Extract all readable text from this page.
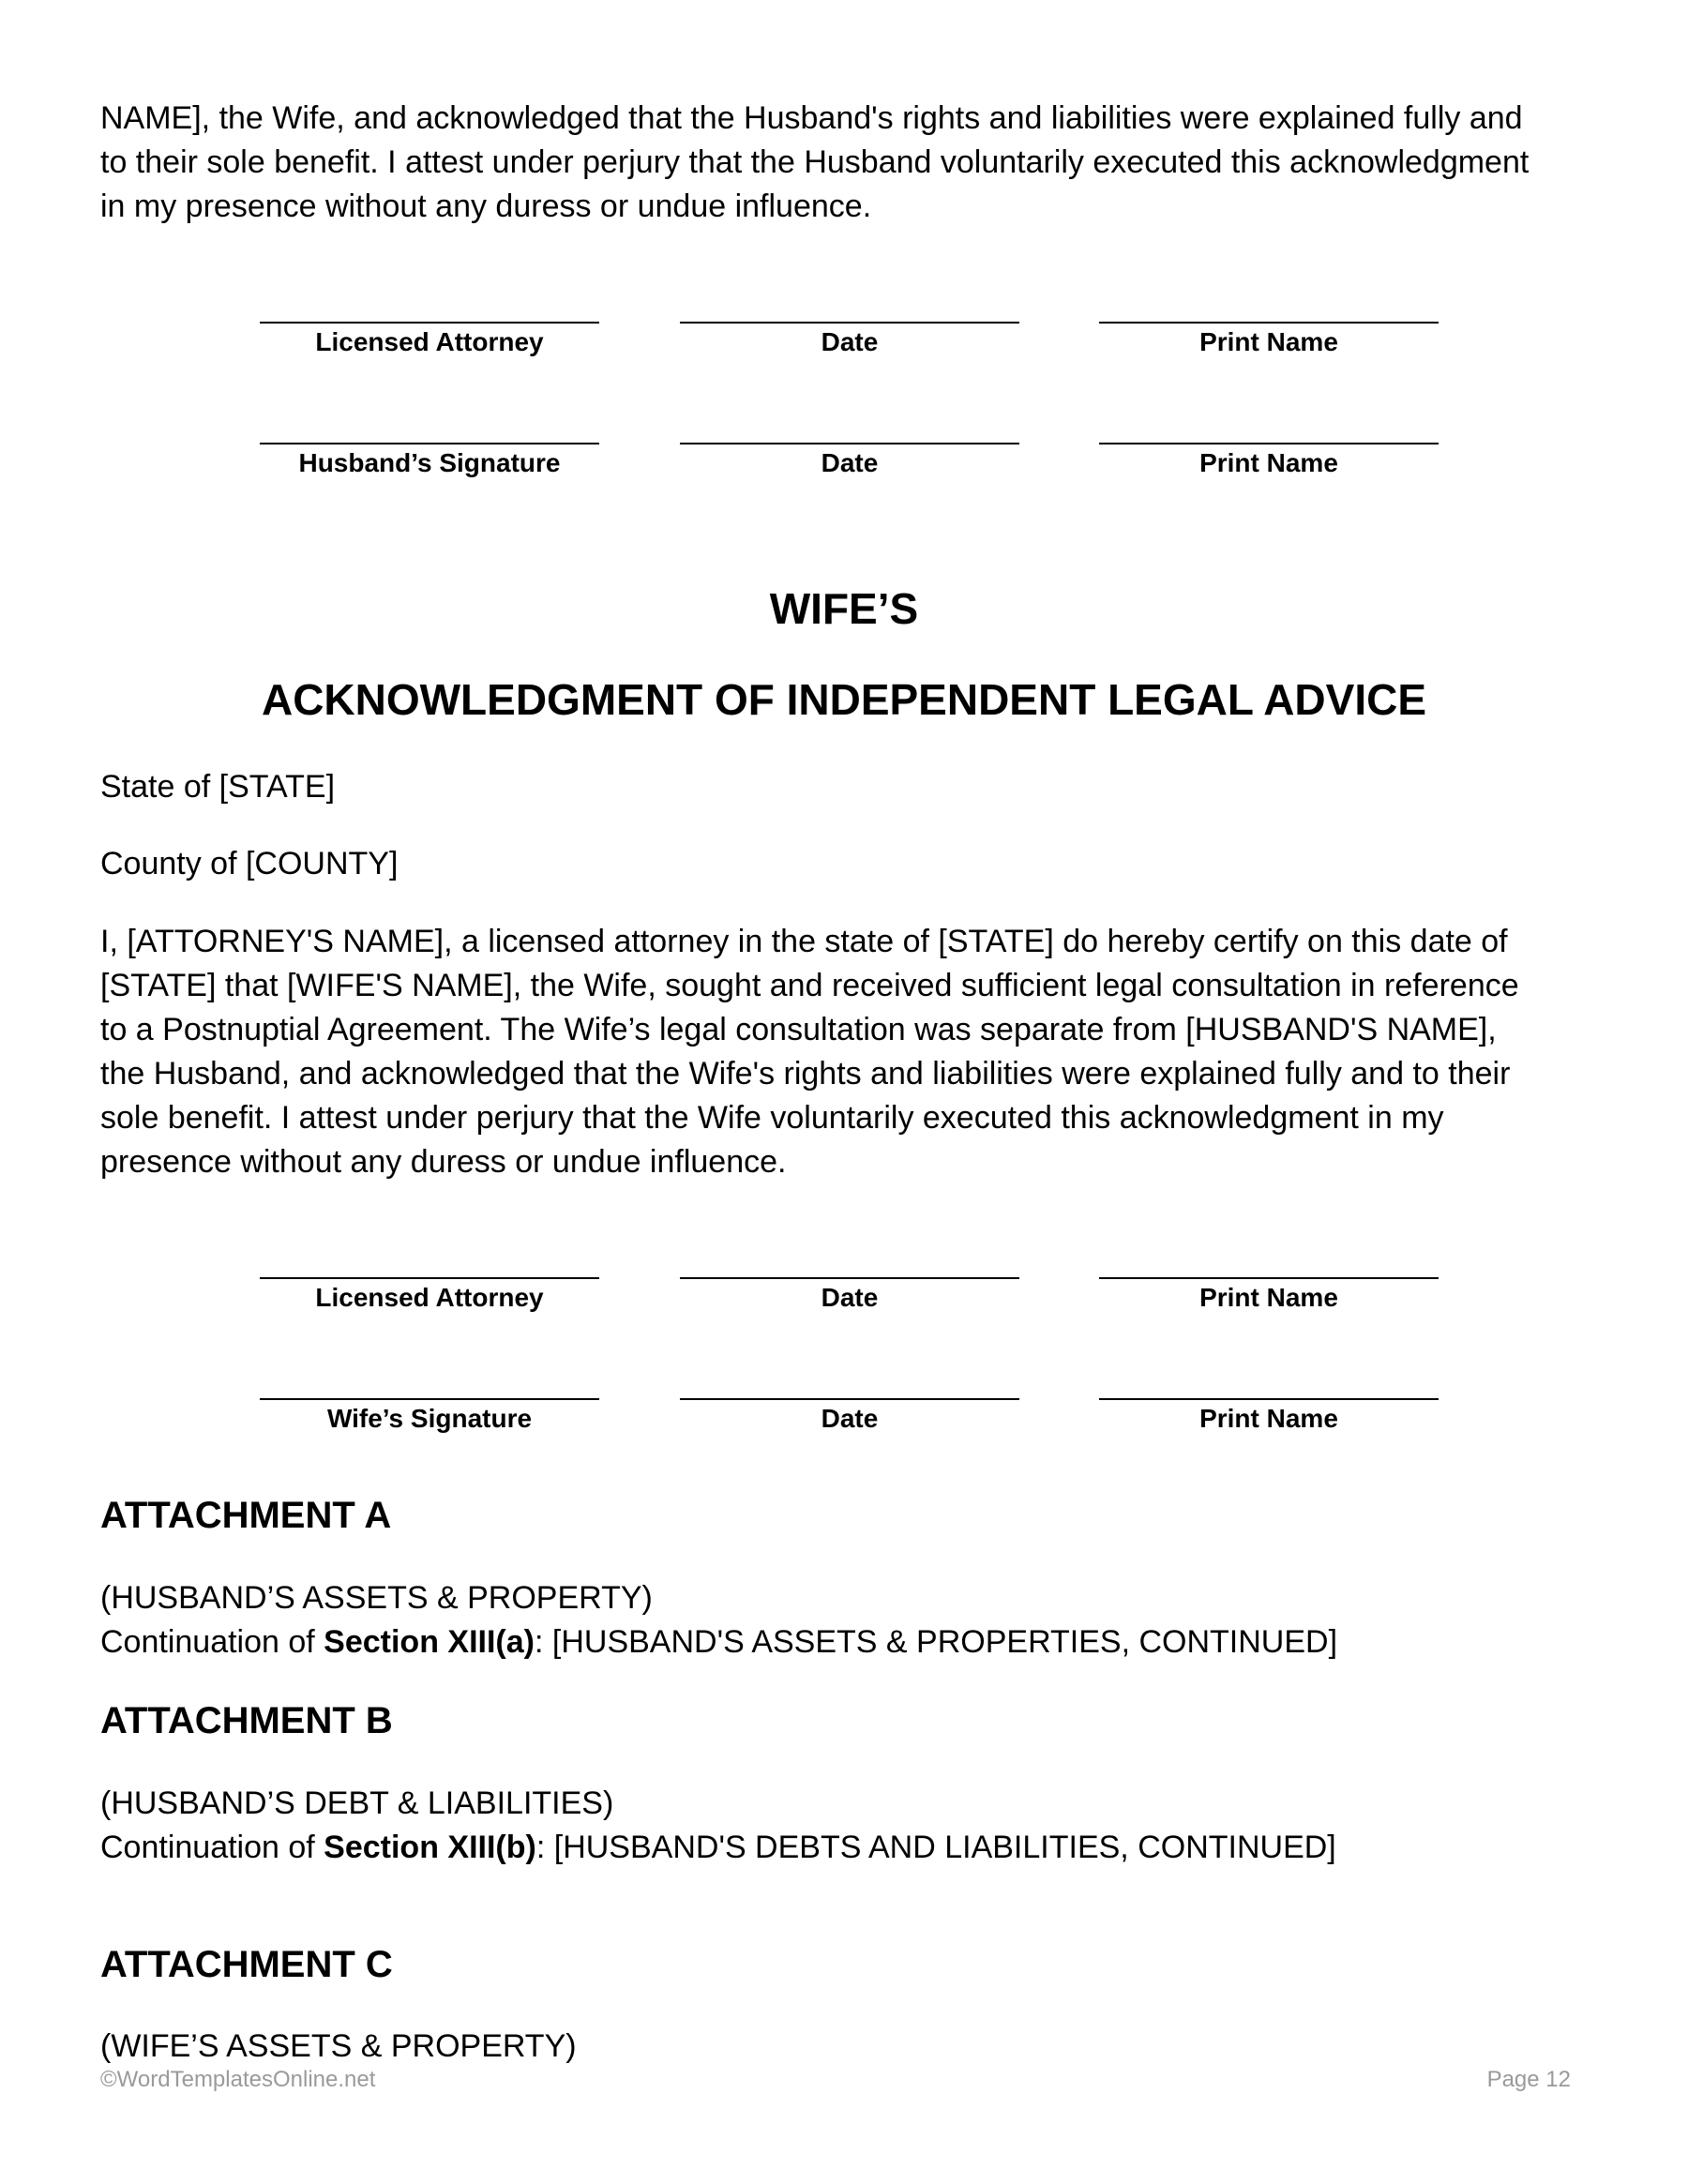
NAME], the Wife, and acknowledged that the Husband's rights and liabilities were explained fully and

to their sole benefit. I attest under perjury that the Husband voluntarily executed this acknowledgment

in my presence without any duress or undue influence.

Licensed Attorney	Date	Print Name
Husband’s Signature	Date	Print Name
WIFE’S
ACKNOWLEDGMENT OF INDEPENDENT LEGAL ADVICE

State of [STATE]

County of [COUNTY]

I, [ATTORNEY'S NAME], a licensed attorney in the state of [STATE] do hereby certify on this date of

[STATE] that [WIFE'S NAME], the Wife, sought and received sufficient legal consultation in reference

to a Postnuptial Agreement. The Wife’s legal consultation was separate from [HUSBAND'S NAME],

the Husband, and acknowledged that the Wife's rights and liabilities were explained fully and to their

sole benefit. I attest under perjury that the Wife voluntarily executed this acknowledgment in my

presence without any duress or undue influence.

Licensed Attorney	Date	Print Name
Wife’s Signature	Date	Print Name
ATTACHMENT A

(HUSBAND’S ASSETS & PROPERTY)

Continuation of Section XIII(a): [HUSBAND'S ASSETS & PROPERTIES, CONTINUED]

ATTACHMENT B

(HUSBAND’S DEBT & LIABILITIES)

Continuation of Section XIII(b): [HUSBAND'S DEBTS AND LIABILITIES, CONTINUED]

ATTACHMENT C

(WIFE’S ASSETS & PROPERTY)

©WordTemplatesOnline.net	Page 12
